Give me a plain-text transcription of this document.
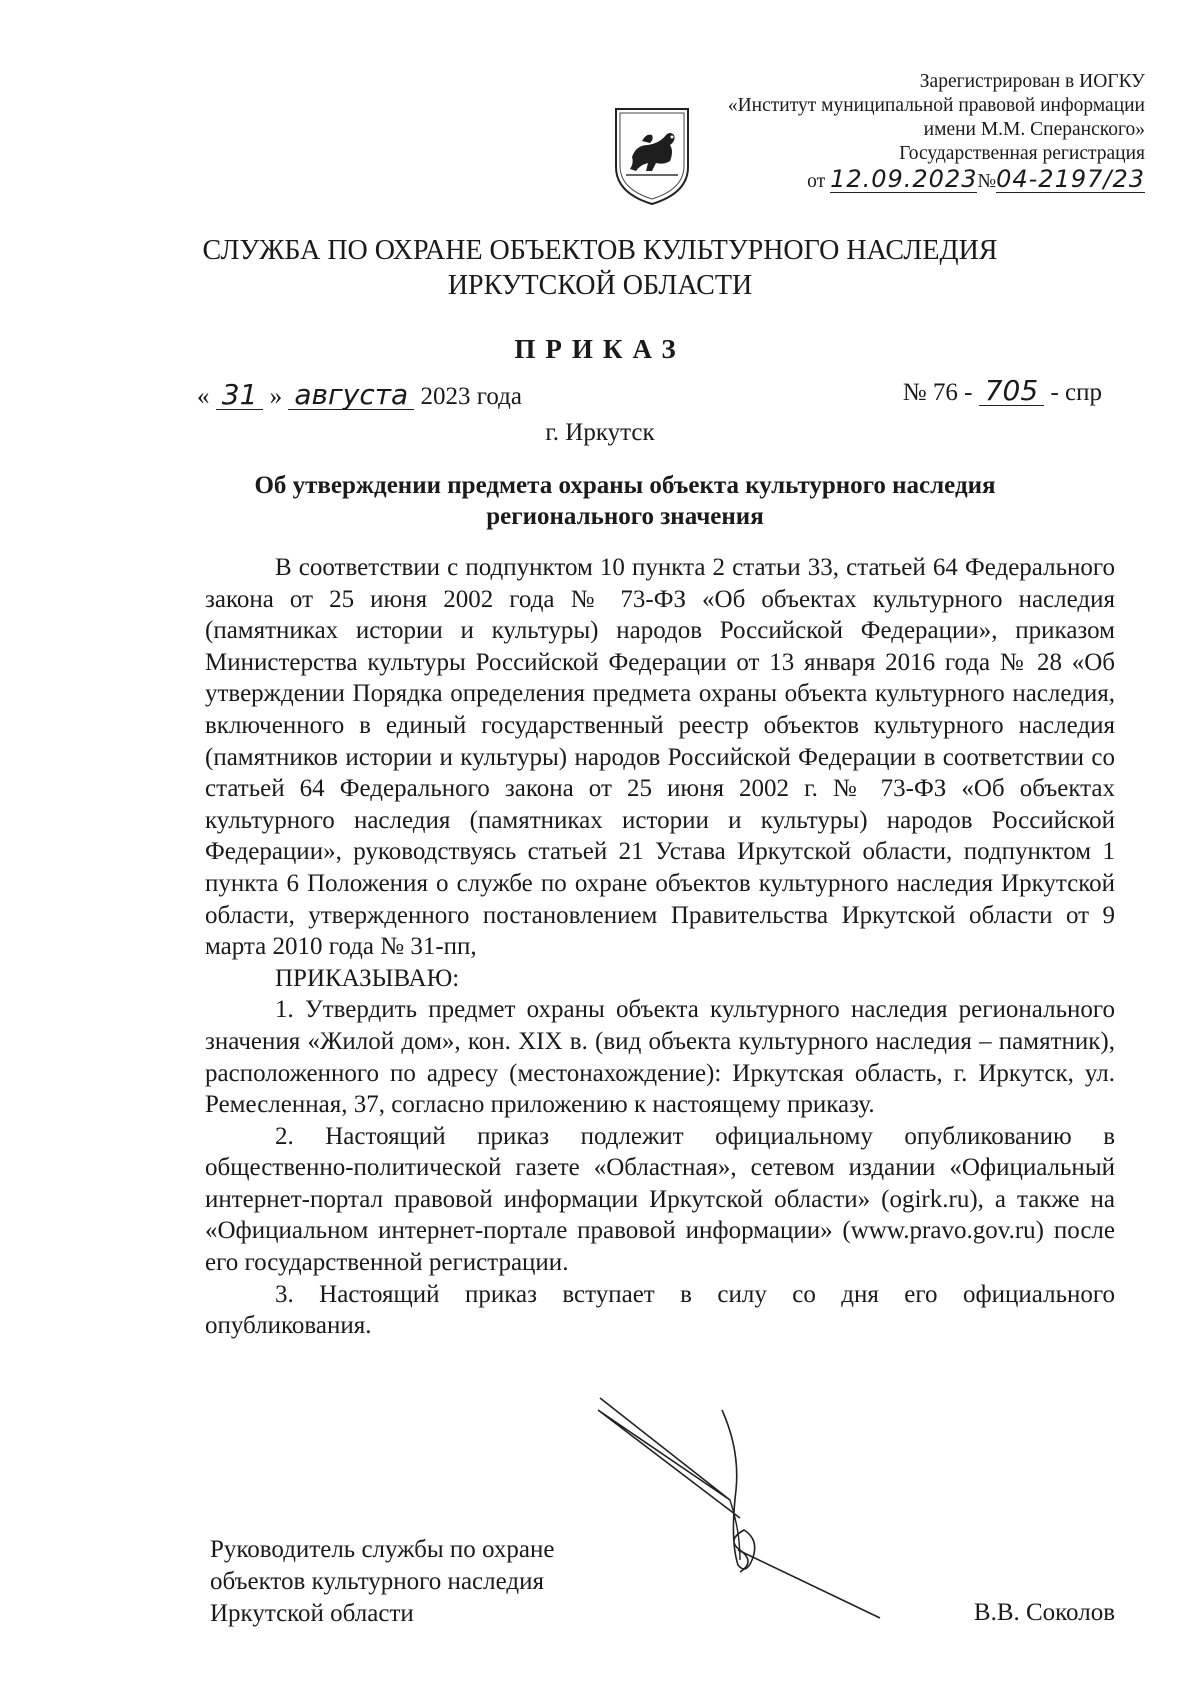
Зарегистрирован в ИОГКУ
«Институт муниципальной правовой информации
имени М.М. Сперанского»
Государственная регистрация
от 12.09.2023№04-2197/23
СЛУЖБА ПО ОХРАНЕ ОБЪЕКТОВ КУЛЬТУРНОГО НАСЛЕДИЯ
ИРКУТСКОЙ ОБЛАСТИ
ПРИКАЗ
« 31 » августа 2023 года	№ 76 - 705 - спр
г. Иркутск
Об утверждении предмета охраны объекта культурного наследия
регионального значения

В соответствии с подпунктом 10 пункта 2 статьи 33, статьей 64 Федерального закона от 25 июня 2002 года № 73-ФЗ «Об объектах культурного наследия (памятниках истории и культуры) народов Российской Федерации», приказом Министерства культуры Российской Федерации от 13 января 2016 года № 28 «Об утверждении Порядка определения предмета охраны объекта культурного наследия, включенного в единый государственный реестр объектов культурного наследия (памятников истории и культуры) народов Российской Федерации в соответствии со статьей 64 Федерального закона от 25 июня 2002 г. № 73-ФЗ «Об объектах культурного наследия (памятниках истории и культуры) народов Российской Федерации», руководствуясь статьей 21 Устава Иркутской области, подпунктом 1 пункта 6 Положения о службе по охране объектов культурного наследия Иркутской области, утвержденного постановлением Правительства Иркутской области от 9 марта 2010 года № 31-пп,

ПРИКАЗЫВАЮ:

1. Утвердить предмет охраны объекта культурного наследия регионального значения «Жилой дом», кон. XIX в. (вид объекта культурного наследия – памятник), расположенного по адресу (местонахождение): Иркутская область, г. Иркутск, ул. Ремесленная, 37, согласно приложению к настоящему приказу.

2. Настоящий приказ подлежит официальному опубликованию в общественно-политической газете «Областная», сетевом издании «Официальный интернет-портал правовой информации Иркутской области» (ogirk.ru), а также на «Официальном интернет-портале правовой информации» (www.pravo.gov.ru) после его государственной регистрации.

3. Настоящий приказ вступает в силу со дня его официального опубликования.

Руководитель службы по охране
объектов культурного наследия
Иркутской области	В.В. Соколов
